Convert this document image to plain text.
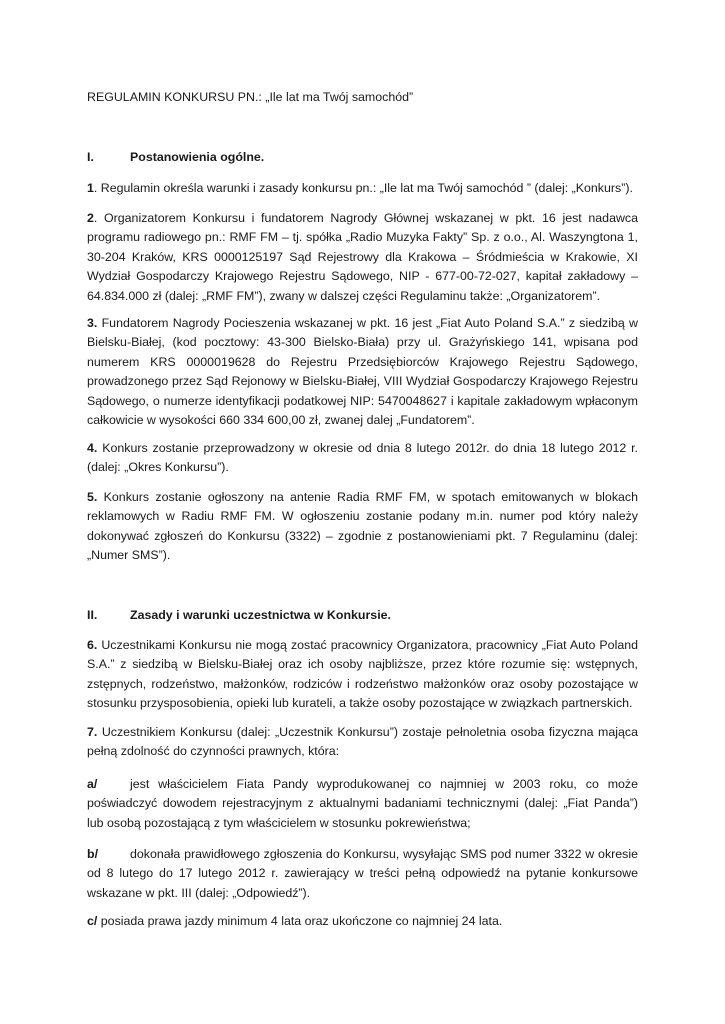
REGULAMIN KONKURSU PN.: „Ile lat ma Twój samochód”
I.	Postanowienia ogólne.

1. Regulamin określa warunki i zasady konkursu pn.: „Ile lat ma Twój samochód ” (dalej: „Konkurs”).

2. Organizatorem Konkursu i fundatorem Nagrody Głównej wskazanej w pkt. 16 jest nadawca programu radiowego pn.: RMF FM – tj. spółka „Radio Muzyka Fakty” Sp. z o.o., Al. Waszyngtona 1, 30-204 Kraków, KRS 0000125197 Sąd Rejestrowy dla Krakowa – Śródmieścia w Krakowie, XI Wydział Gospodarczy Krajowego Rejestru Sądowego, NIP - 677-00-72-027, kapitał zakładowy – 64.834.000 zł (dalej: „RMF FM”), zwany w dalszej części Regulaminu także: „Organizatorem”.

3. Fundatorem Nagrody Pocieszenia wskazanej w pkt. 16 jest „Fiat Auto Poland S.A.” z siedzibą w Bielsku-Białej, (kod pocztowy: 43-300 Bielsko-Biała) przy ul. Grażyńskiego 141, wpisana pod numerem KRS 0000019628 do Rejestru Przedsiębiorców Krajowego Rejestru Sądowego, prowadzonego przez Sąd Rejonowy w Bielsku-Białej, VIII Wydział Gospodarczy Krajowego Rejestru Sądowego, o numerze identyfikacji podatkowej NIP: 5470048627 i kapitale zakładowym wpłaconym całkowicie w wysokości 660 334 600,00 zł, zwanej dalej „Fundatorem”.

4. Konkurs zostanie przeprowadzony w okresie od dnia 8 lutego 2012r. do dnia 18 lutego 2012 r. (dalej: „Okres Konkursu”).

5. Konkurs zostanie ogłoszony na antenie Radia RMF FM, w spotach emitowanych w blokach reklamowych w Radiu RMF FM. W ogłoszeniu zostanie podany m.in. numer pod który należy dokonywać zgłoszeń do Konkursu (3322) – zgodnie z postanowieniami pkt. 7 Regulaminu (dalej: „Numer SMS”).

II.	Zasady i warunki uczestnictwa w Konkursie.

6. Uczestnikami Konkursu nie mogą zostać pracownicy Organizatora, pracownicy „Fiat Auto Poland S.A.” z siedzibą w Bielsku-Białej oraz ich osoby najbliższe, przez które rozumie się: wstępnych, zstępnych, rodzeństwo, małżonków, rodziców i rodzeństwo małżonków oraz osoby pozostające w stosunku przysposobienia, opieki lub kurateli, a także osoby pozostające w związkach partnerskich.

7. Uczestnikiem Konkursu (dalej: „Uczestnik Konkursu”) zostaje pełnoletnia osoba fizyczna mająca pełną zdolność do czynności prawnych, która:

a/	jest właścicielem Fiata Pandy wyprodukowanej co najmniej w 2003 roku, co może poświadczyć dowodem rejestracyjnym z aktualnymi badaniami technicznymi (dalej: „Fiat Panda”) lub osobą pozostającą z tym właścicielem w stosunku pokrewieństwa;

b/	dokonała prawidłowego zgłoszenia do Konkursu, wysyłając SMS pod numer 3322 w okresie od 8 lutego do 17 lutego 2012 r. zawierający w treści pełną odpowiedź na pytanie konkursowe wskazane w pkt. III (dalej: „Odpowiedź”).

c/ posiada prawa jazdy minimum 4 lata oraz ukończone co najmniej 24 lata.
